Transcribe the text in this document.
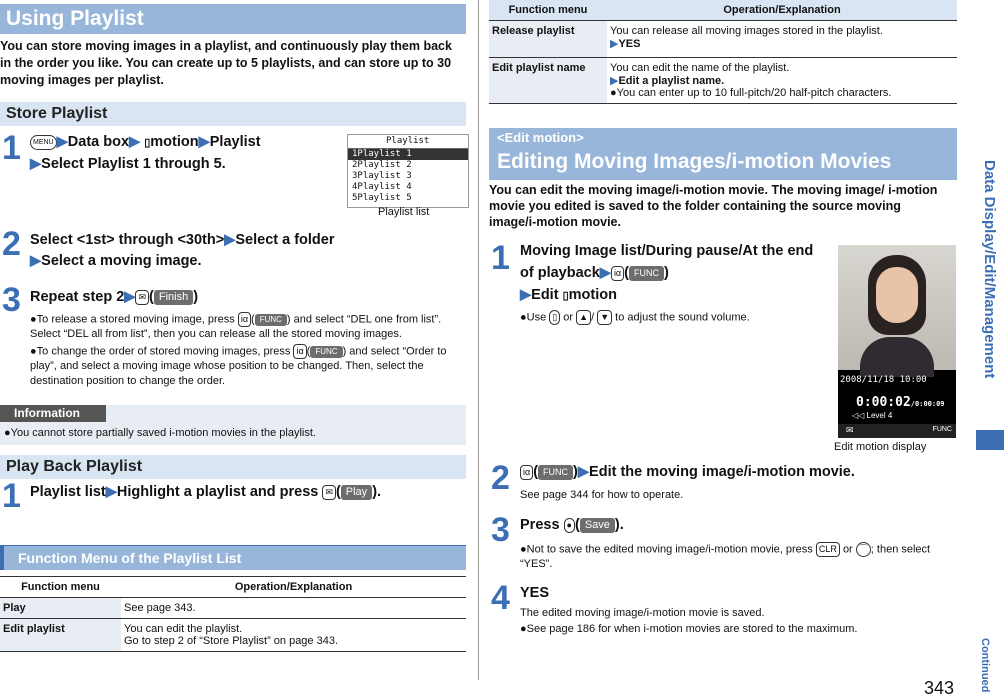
Using Playlist
You can store moving images in a playlist, and continuously play them back in the order you like. You can create up to 5 playlists, and can store up to 30 moving images per playlist.
Store Playlist
1	MENU ▶Data box▶ ▯motion▶Playlist
▶Select Playlist 1 through 5.
Playlist
1Playlist 1
2Playlist 2
3Playlist 3
4Playlist 4
5Playlist 5
Playlist list
2 Select <1st> through <30th>▶Select a folder
▶Select a moving image.
3 Repeat step 2▶ ✉ ( Finish )
●To release a stored moving image, press iα ( FUNC ) and select “DEL one from list”. Select “DEL all from list”, then you can release all the stored moving images.
●To change the order of stored moving images, press iα ( FUNC ) and select “Order to play”, and select a moving image whose position to be changed. Then, select the destination position to change the order.
Information
●You cannot store partially saved i-motion movies in the playlist.
Play Back Playlist
1 Playlist list▶Highlight a playlist and press ✉ ( Play ).
Function Menu of the Playlist List
Function menu	Operation/Explanation
Play	See page 343.
Edit playlist	You can edit the playlist.
Go to step 2 of “Store Playlist” on page 343.
Function menu	Operation/Explanation
Release playlist	You can release all moving images stored in the playlist.
▶YES
Edit playlist name	You can edit the name of the playlist.
▶Edit a playlist name.
●You can enter up to 10 full-pitch/20 half-pitch characters.
<Edit motion>
Editing Moving Images/i-motion Movies
You can edit the moving image/i-motion movie. The moving image/ i-motion movie you edited is saved to the folder containing the source moving image/i-motion movie.
1 Moving Image list/During pause/At the end of playback▶ iα ( FUNC )
▶Edit ▯motion
●Use ▯ or ▲ / ▼ to adjust the sound volume.
2008/11/18 10:00
0:00:02/0:00:09
◁◁ Level 4
✉	FUNC
Edit motion display
2	iα ( FUNC )▶Edit the moving image/i-motion movie.
See page 344 for how to operate.
3 Press ● ( Save ).
●Not to save the edited moving image/i-motion movie, press CLR or ⌒ ; then select “YES”.
4 YES
The edited moving image/i-motion movie is saved.
●See page 186 for when i-motion movies are stored to the maximum.
Data Display/Edit/Management
Continued
343
